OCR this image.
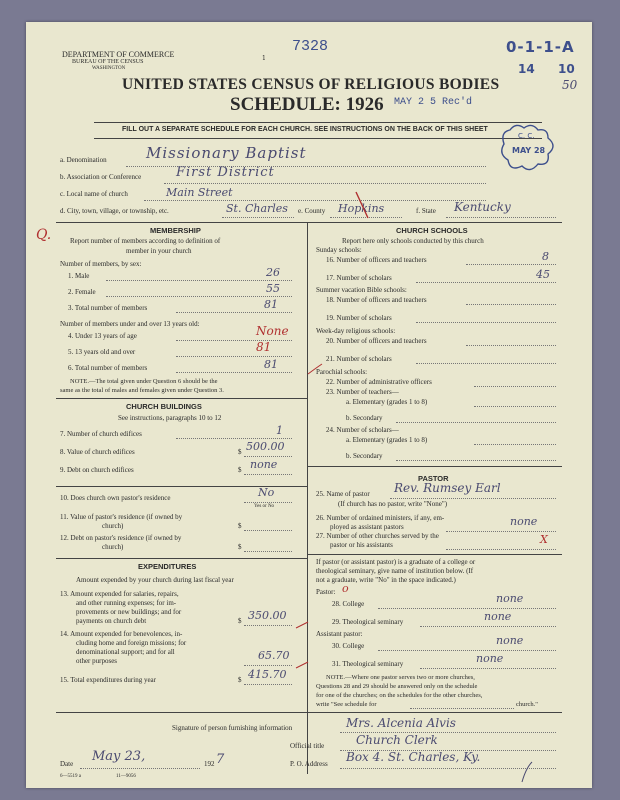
DEPARTMENT OF COMMERCE
BUREAU OF THE CENSUS
WASHINGTON
1
7328	0-1-1-A
14 10
50
UNITED STATES CENSUS OF RELIGIOUS BODIES
SCHEDULE: 1926 MAY 2 5 Rec'd
FILL OUT A SEPARATE SCHEDULE FOR EACH CHURCH. SEE INSTRUCTIONS ON THE BACK OF THIS SHEET
C. C.
MAY 28
a. Denomination	Missionary Baptist
b. Association or Conference	First District
c. Local name of church	Main Street
d. City, town, village, or township, etc.	St. Charles e. County Hopkins	f. State Kentucky
Q.	MEMBERSHIP
Report number of members according to definition of
member in your church
Number of members, by sex:
1. Male	26
2. Female	55
3. Total number of members	81
Number of members under and over 13 years old:
4. Under 13 years of age	None
5. 13 years old and over	81
6. Total number of members	81
NOTE.—The total given under Question 6 should be the
same as the total of males and females given under Question 3.
CHURCH BUILDINGS
See instructions, paragraphs 10 to 12
7. Number of church edifices	1
8. Value of church edifices	$ 500.00
9. Debt on church edifices	$ none
10. Does church own pastor's residence	No
Yes or No
11. Value of pastor's residence (if owned by
church)	$
12. Debt on pastor's residence (if owned by
church)	$
EXPENDITURES
Amount expended by your church during last fiscal year
13. Amount expended for salaries, repairs,
and other running expenses; for im-
provements or new buildings; and for
payments on church debt	$ 350.00
14. Amount expended for benevolences, in-
cluding home and foreign missions; for
denominational support; and for all
other purposes	65.70
15. Total expenditures during year	$ 415.70
CHURCH SCHOOLS
Report here only schools conducted by this church
Sunday schools:
16. Number of officers and teachers	8
17. Number of scholars	45
Summer vacation Bible schools:
18. Number of officers and teachers
19. Number of scholars
Week-day religious schools:
20. Number of officers and teachers
21. Number of scholars
Parochial schools:
22. Number of administrative officers
23. Number of teachers—
a. Elementary (grades 1 to 8)
b. Secondary
24. Number of scholars—
a. Elementary (grades 1 to 8)
b. Secondary
PASTOR
25. Name of pastor Rev. Rumsey Earl
(If church has no pastor, write "None")
26. Number of ordained ministers, if any, em-
ployed as assistant pastors	none
27. Number of other churches served by the
pastor or his assistants	X
If pastor (or assistant pastor) is a graduate of a college or
theological seminary, give name of institution below. (If
not a graduate, write "No" in the space indicated.)
Pastor: o
28. College	none
29. Theological seminary	none
Assistant pastor:
30. College	none
31. Theological seminary	none
NOTE.—Where one pastor serves two or more churches,
Questions 28 and 29 should be answered only on the schedule
for one of the churches; on the schedules for the other churches,
write "See schedule for	church."
Signature of person furnishing information	Mrs. Alcenia Alvis
Official title	Church Clerk
Date May 23,	192 7	P. O. Address Box 4. St. Charles, Ky.
6—5519 a	11—9056
